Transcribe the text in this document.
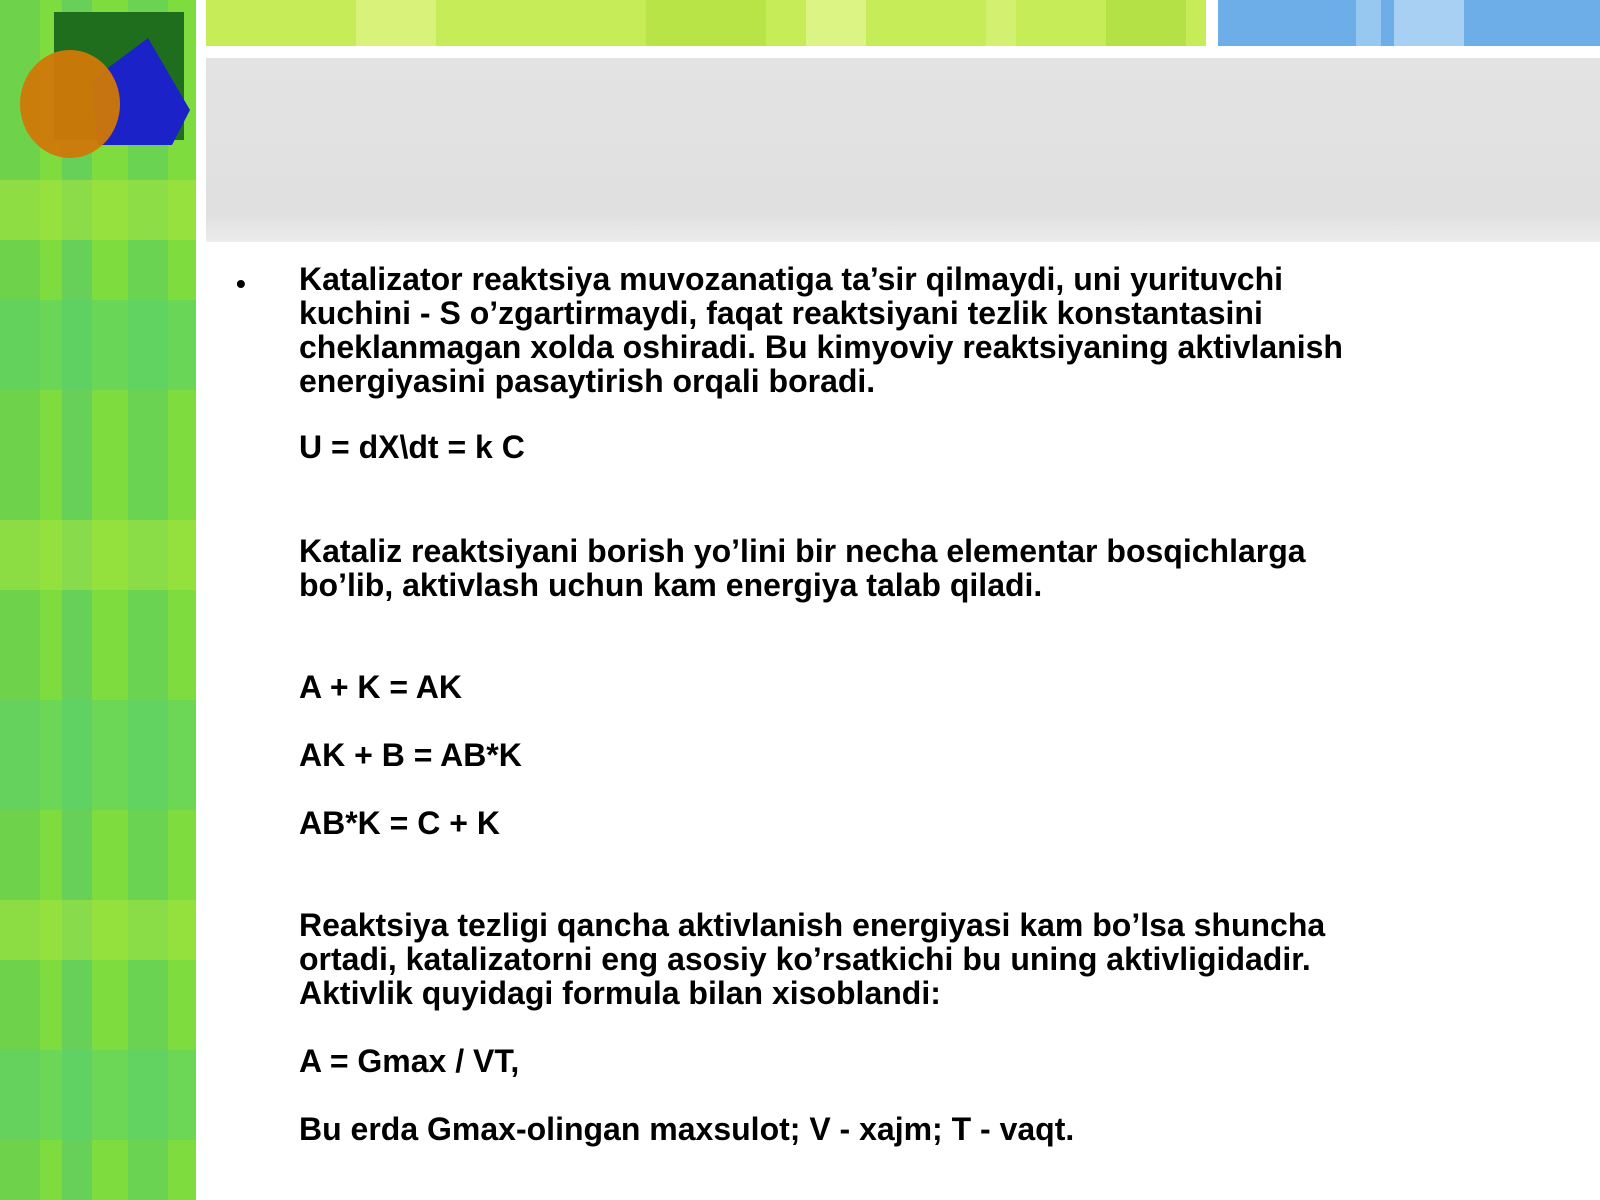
• Katalizator reaktsiya muvozanatiga ta’sir qilmaydi, uni yurituvchi
kuchini - S o’zgartirmaydi, faqat reaktsiyani tezlik konstantasini
cheklanmagan xolda oshiradi. Bu kimyoviy reaktsiyaning aktivlanish
energiyasini pasaytirish orqali boradi.
U = dX\dt = k C
Kataliz reaktsiyani borish yo’lini bir necha elementar bosqichlarga
bo’lib, aktivlash uchun kam energiya talab qiladi.
A + K = AK
AK + B = AB*K
AB*K = C + K
Reaktsiya tezligi qancha aktivlanish energiyasi kam bo’lsa shuncha
ortadi, katalizatorni eng asosiy ko’rsatkichi bu uning aktivligidadir.
Aktivlik quyidagi formula bilan xisoblandi:
A = Gmax / VT,
Bu erda Gmax-olingan maxsulot; V - xajm; T - vaqt.
